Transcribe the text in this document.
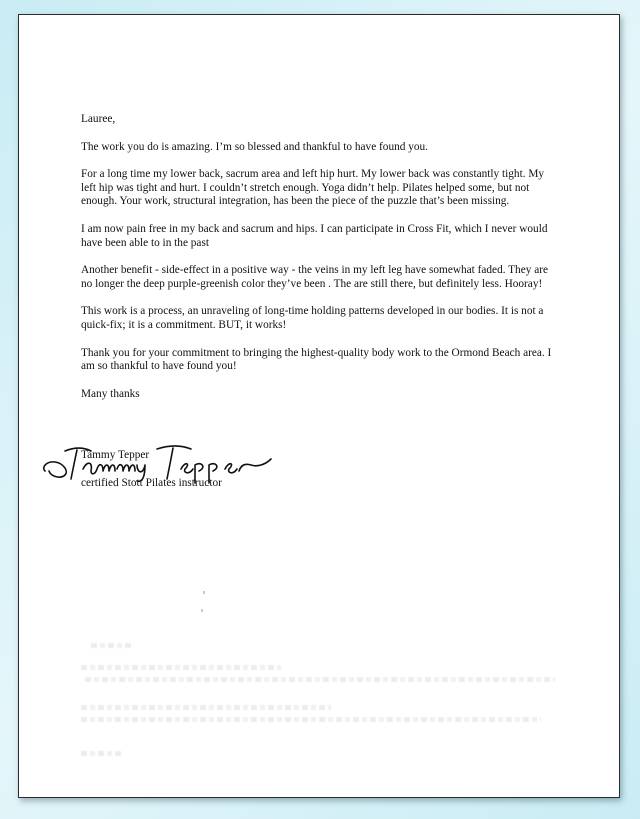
Lauree,

The work you do is amazing. I’m so blessed and thankful to have found you.

For a long time my lower back, sacrum area and left hip hurt. My lower back was constantly tight. My left hip was tight and hurt. I couldn’t stretch enough. Yoga didn’t help. Pilates helped some, but not enough. Your work, structural integration, has been the piece of the puzzle that’s been missing.

I am now pain free in my back and sacrum and hips. I can participate in Cross Fit, which I never would have been able to in the past

Another benefit - side-effect in a positive way - the veins in my left leg have somewhat faded. They are no longer the deep purple-greenish color they’ve been . The are still there, but definitely less. Hooray!

This work is a process, an unraveling of long-time holding patterns developed in our bodies. It is not a quick-fix; it is a commitment. BUT, it works!

Thank you for your commitment to bringing the highest-quality body work to the Ormond Beach area. I am so thankful to have found you!

Many thanks

Tammy Tepper

certified Stott Pilates instructor
